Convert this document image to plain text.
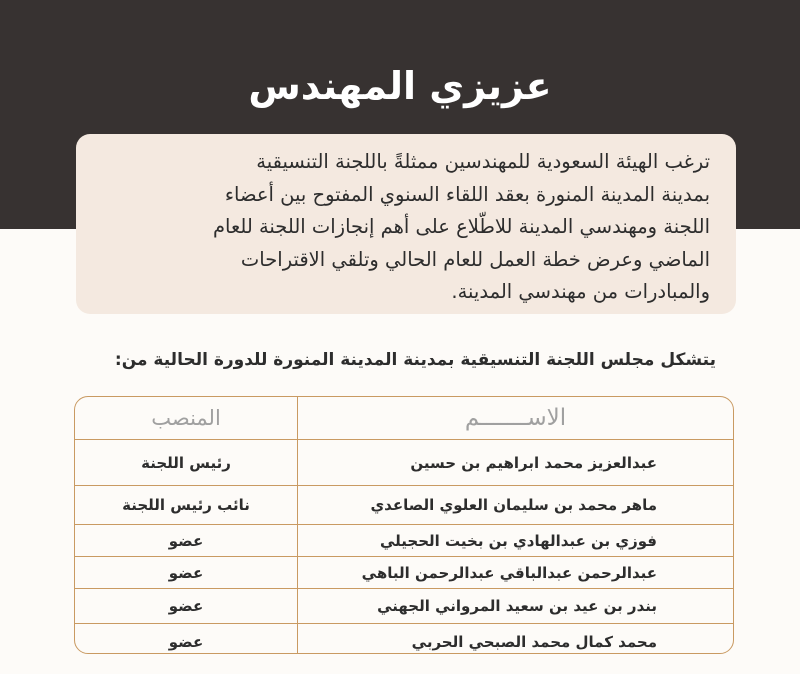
عزيزي المهندس
ترغب الهيئة السعودية للمهندسين ممثلةً باللجنة التنسيقية
بمدينة المدينة المنورة بعقد اللقاء السنوي المفتوح بين أعضاء
اللجنة ومهندسي المدينة للاطّلاع على أهم إنجازات اللجنة للعام
الماضي وعرض خطة العمل للعام الحالي وتلقي الاقتراحات
والمبادرات من مهندسي المدينة.
يتشكل مجلس اللجنة التنسيقية بمدينة المدينة المنورة للدورة الحالية من:
الاســـــــم
المنصب
عبدالعزيز محمد ابراهيم بن حسين
رئيس اللجنة
ماهر محمد بن سليمان العلوي الصاعدي
نائب رئيس اللجنة
فوزي بن عبدالهادي بن بخيت الحجيلي
عضو
عبدالرحمن عبدالباقي عبدالرحمن الباهي
عضو
بندر بن عيد بن سعيد المرواني الجهني
عضو
محمد كمال محمد الصبحي الحربي
عضو
